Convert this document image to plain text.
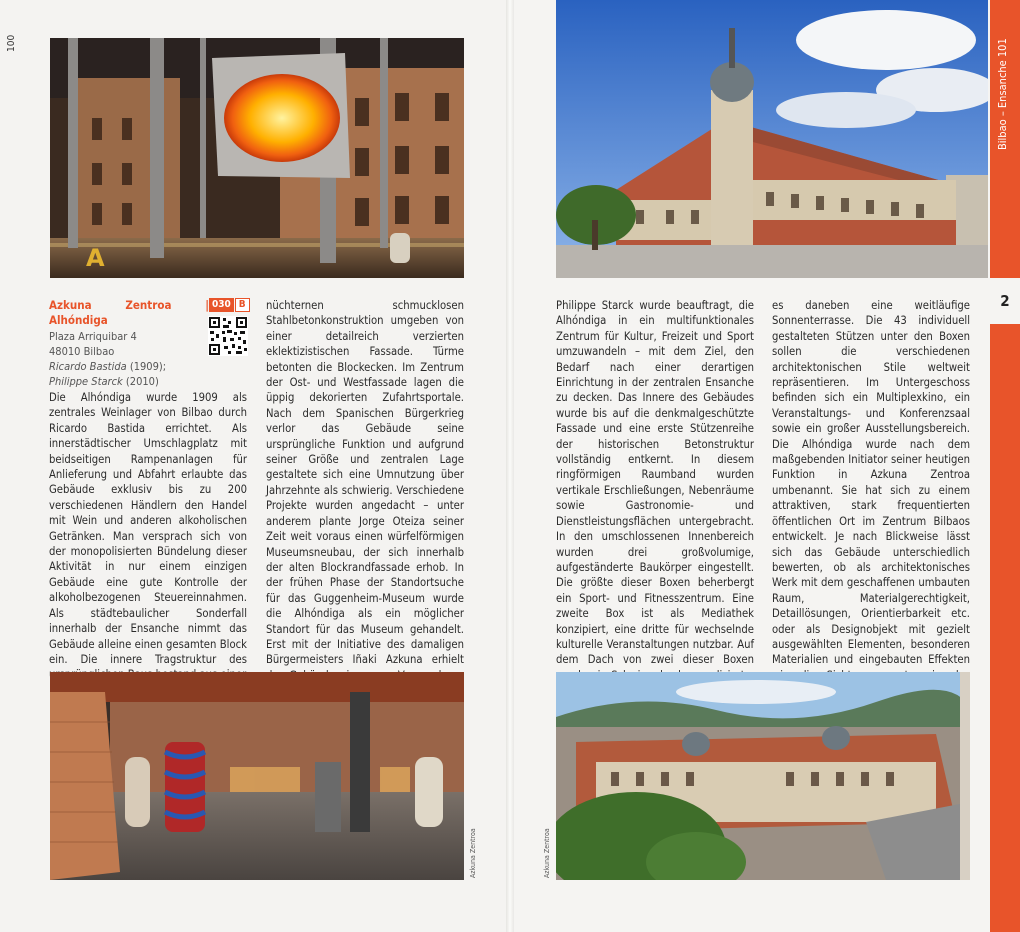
100
A
Bilbao – Ensanche 101
2
Azkuna Zentroa | Alhóndiga
Plaza Arriquibar 4
48010 Bilbao
Ricardo Bastida (1909);
Philippe Starck (2010)
030 B

Die Alhóndiga wurde 1909 als zentrales Weinlager von Bilbao durch Ricardo Bastida errichtet. Als innerstädtischer Umschlagplatz mit beidseitigen Rampenanlagen für Anlieferung und Abfahrt erlaubte das Gebäude exklusiv bis zu 200 verschiedenen Händlern den Handel mit Wein und anderen alkoholischen Getränken. Man versprach sich von der monopolisierten Bündelung dieser Aktivität in nur einem einzigen Gebäude eine gute Kontrolle der alkoholbezogenen Steuereinnahmen. Als städtebaulicher Sonderfall innerhalb der Ensanche nimmt das Gebäude alleine einen gesamten Block ein. Die innere Tragstruktur des

nüchternen schmucklosen Stahlbetonkonstruktion umgeben von einer detailreich verzierten eklektizistischen Fassade. Türme betonten die Blockecken. Im Zentrum der Ost- und Westfassade lagen die üppig dekorierten Zufahrtsportale. Nach dem Spanischen Bürgerkrieg verlor das Gebäude seine ursprüngliche Funktion und aufgrund seiner Größe und zentralen Lage gestaltete sich eine Umnutzung über Jahrzehnte als schwierig. Verschiedene Projekte wurden angedacht – unter anderem plante Jorge Oteiza seiner Zeit weit voraus einen würfelförmigen Museumsneubau, der sich innerhalb der alten Blockrandfassade erhob. In der frühen Phase der Standortsuche für das Guggenheim-Museum wurde die Alhóndiga als ein möglicher Standort für das Museum gehandelt. Erst mit der Initiative des damaligen Bürgermeisters Iñaki Azkuna erhielt

Philippe Starck wurde beauftragt, die Alhóndiga in ein multifunktionales Zentrum für Kultur, Freizeit und Sport umzuwandeln – mit dem Ziel, den Bedarf nach einer derartigen Einrichtung in der zentralen Ensanche zu decken. Das Innere des Gebäudes wurde bis auf die denkmalgeschützte Fassade und eine erste Stützenreihe der historischen Betonstruktur vollständig entkernt. In diesem ringförmigen Raumband wurden vertikale Erschließungen, Nebenräume sowie Gastronomie- und Dienstleistungsflächen untergebracht. In den umschlossenen Innenbereich wurden drei großvolumige, aufgeständerte Baukörper eingestellt. Die größte dieser Boxen beherbergt ein Sport- und Fitnesszentrum. Eine zweite Box ist als Mediathek konzipiert, eine dritte für wechselnde kulturelle Veranstaltungen nutzbar. Auf dem Dach von zwei dieser Boxen

es daneben eine weitläufige Sonnenterrasse. Die 43 individuell gestalteten Stützen unter den Boxen sollen die verschiedenen architektonischen Stile weltweit repräsentieren. Im Untergeschoss befinden sich ein Multiplexkino, ein Veranstaltungs- und Konferenzsaal sowie ein großer Ausstellungsbereich. Die Alhóndiga wurde nach dem maßgebenden Initiator seiner heutigen Funktion in Azkuna Zentroa umbenannt. Sie hat sich zu einem attraktiven, stark frequentierten öffentlichen Ort im Zentrum Bilbaos entwickelt. Je nach Blickweise lässt sich das Gebäude unterschiedlich bewerten, ob als architektonisches Werk mit dem geschaffenen umbauten Raum, Materialgerechtigkeit, Detaillösungen, Orientierbarkeit etc. oder als Designobjekt mit gezielt ausgewählten Elementen, besonderen Materialien und eingebauten Effekten

Azkuna Zentroa	Azkuna Zentroa
